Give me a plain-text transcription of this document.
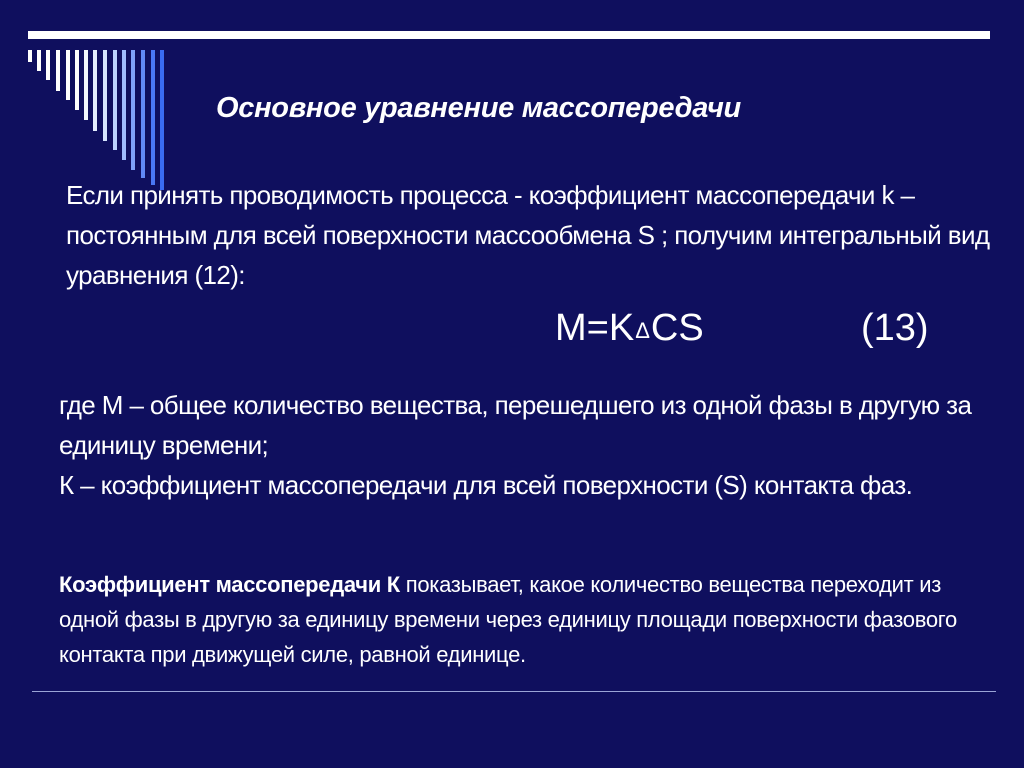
Основное уравнение массопередачи

Если принять проводимость процесса - коэффициент массопередачи k – постоянным для всей поверхности массообмена S ; получим интегральный вид уравнения (12):

M=KΔCS	(13)

где М – общее количество вещества, перешедшего из одной фазы в другую за единицу времени;
К – коэффициент массопередачи для всей поверхности (S) контакта фаз.

Коэффициент массопередачи К показывает, какое количество вещества переходит из одной фазы в другую за единицу времени через единицу площади поверхности фазового контакта при движущей силе, равной единице.
